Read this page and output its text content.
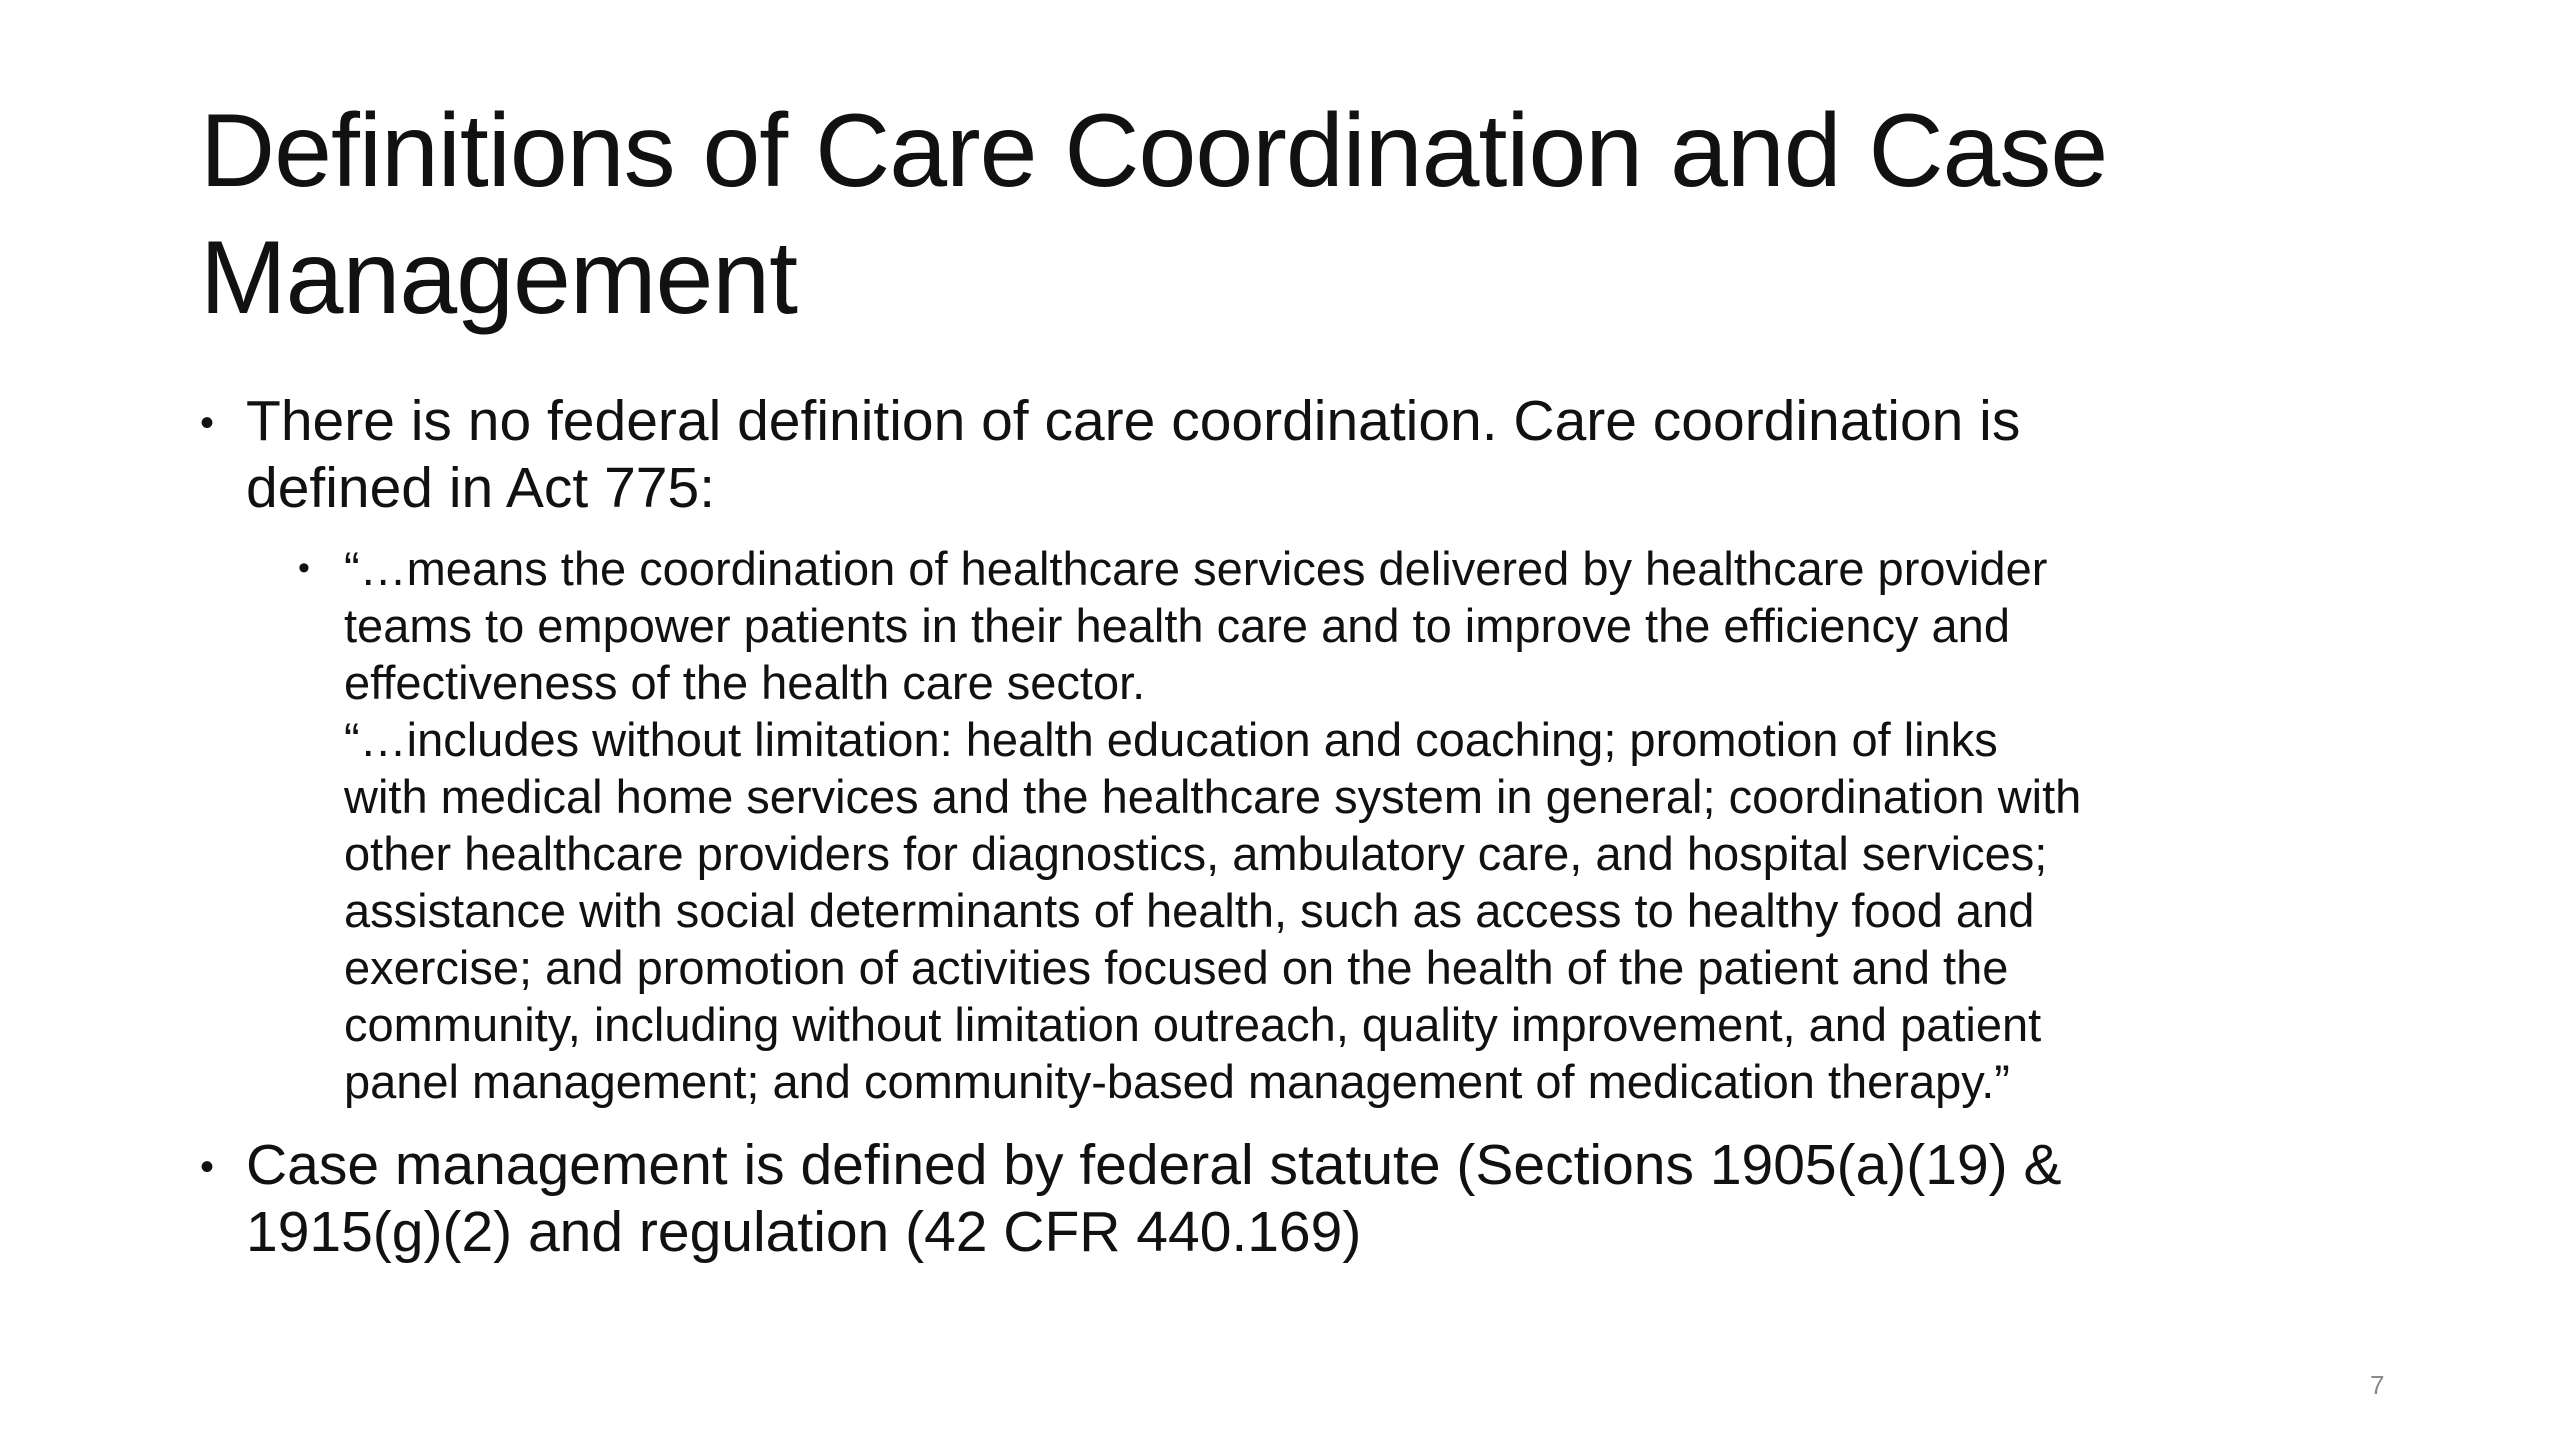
Definitions of Care Coordination and Case
Management
• There is no federal definition of care coordination. Care coordination is
defined in Act 775:
• “…means the coordination of healthcare services delivered by healthcare provider
teams to empower patients in their health care and to improve the efficiency and
effectiveness of the health care sector.
“…includes without limitation: health education and coaching; promotion of links
with medical home services and the healthcare system in general; coordination with
other healthcare providers for diagnostics, ambulatory care, and hospital services;
assistance with social determinants of health, such as access to healthy food and
exercise; and promotion of activities focused on the health of the patient and the
community, including without limitation outreach, quality improvement, and patient
panel management; and community-based management of medication therapy.”
• Case management is defined by federal statute (Sections 1905(a)(19) &
1915(g)(2) and regulation (42 CFR 440.169)
7
